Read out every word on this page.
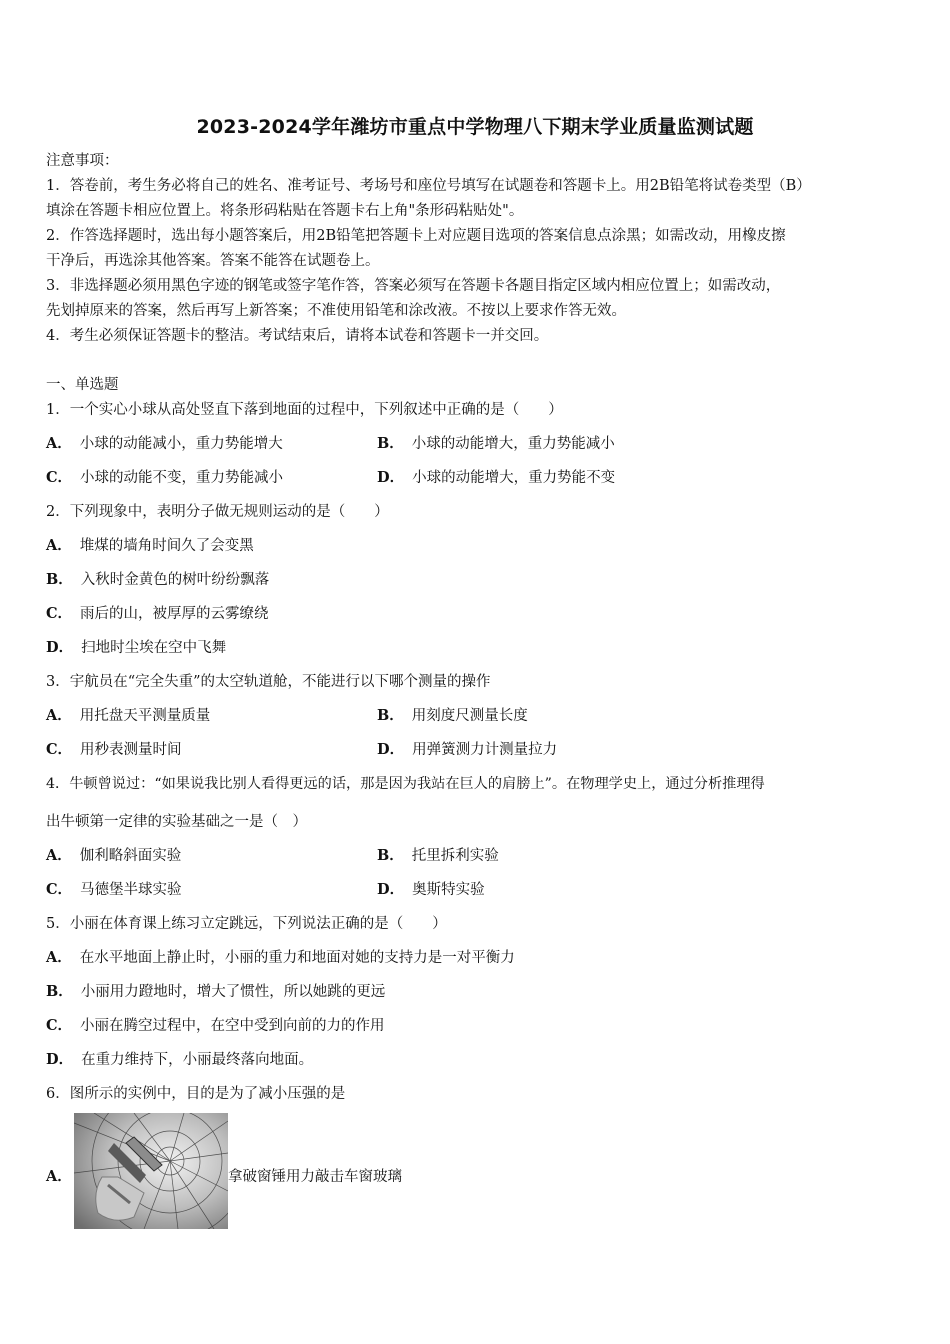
2023-2024学年潍坊市重点中学物理八下期末学业质量监测试题
注意事项：
1．答卷前，考生务必将自己的姓名、准考证号、考场号和座位号填写在试题卷和答题卡上。用2B铅笔将试卷类型（B）
填涂在答题卡相应位置上。将条形码粘贴在答题卡右上角"条形码粘贴处"。
2．作答选择题时，选出每小题答案后，用2B铅笔把答题卡上对应题目选项的答案信息点涂黑；如需改动，用橡皮擦
干净后，再选涂其他答案。答案不能答在试题卷上。
3．非选择题必须用黑色字迹的钢笔或签字笔作答，答案必须写在答题卡各题目指定区域内相应位置上；如需改动，
先划掉原来的答案，然后再写上新答案；不准使用铅笔和涂改液。不按以上要求作答无效。
4．考生必须保证答题卡的整洁。考试结束后，请将本试卷和答题卡一并交回。
一、单选题
1．一个实心小球从高处竖直下落到地面的过程中，下列叙述中正确的是（　　）
A． 小球的动能减小，重力势能增大	B． 小球的动能增大，重力势能减小
C． 小球的动能不变，重力势能减小	D． 小球的动能增大，重力势能不变
2．下列现象中，表明分子做无规则运动的是（　　）
A． 堆煤的墙角时间久了会变黑
B． 入秋时金黄色的树叶纷纷飘落
C． 雨后的山，被厚厚的云雾缭绕
D． 扫地时尘埃在空中飞舞
3．宇航员在“完全失重”的太空轨道舱，不能进行以下哪个测量的操作
A． 用托盘天平测量质量	B． 用刻度尺测量长度
C． 用秒表测量时间	D． 用弹簧测力计测量拉力
4．牛顿曾说过：“如果说我比别人看得更远的话，那是因为我站在巨人的肩膀上”。在物理学史上，通过分析推理得
出牛顿第一定律的实验基础之一是（　）
A． 伽利略斜面实验	B． 托里拆利实验
C． 马德堡半球实验	D． 奥斯特实验
5．小丽在体育课上练习立定跳远，下列说法正确的是（　　）
A． 在水平地面上静止时，小丽的重力和地面对她的支持力是一对平衡力
B． 小丽用力蹬地时，增大了惯性，所以她跳的更远
C． 小丽在腾空过程中，在空中受到向前的力的作用
D． 在重力维持下，小丽最终落向地面。
6．图所示的实例中，目的是为了减小压强的是
A．	拿破窗锤用力敲击车窗玻璃
